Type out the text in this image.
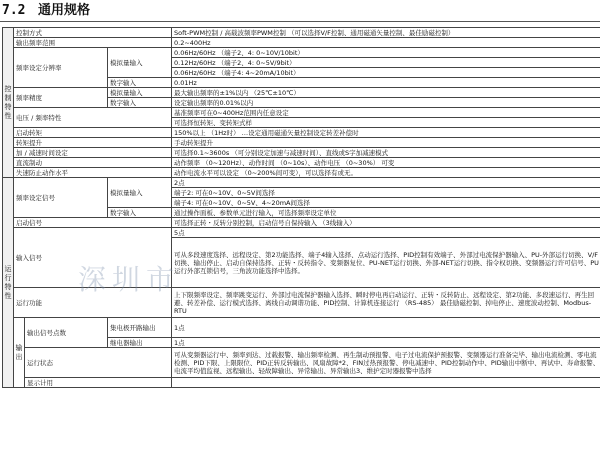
7.2 通用规格
控制特性	控制方式			Soft-PWM控制 / 高载波频率PWM控制 （可以选择V/F控制、通用磁通矢量控制、最佳励磁控制）
	输出频率范围			0.2~400Hz
	频率设定分辨率		模拟量输入	0.06Hz/60Hz （端子2、4: 0~10V/10bit）
				0.12Hz/60Hz （端子2、4: 0~5V/9bit）
				0.06Hz/60Hz （端子4: 4~20mA/10bit）
			数字输入	0.01Hz
	频率精度		模拟量输入	最大输出频率的±1%以内 （25℃±10℃）
			数字输入	设定输出频率的0.01%以内
	电压 / 频率特性			基准频率可在0~400Hz范围内任意设定
				可选择恒转矩、变转矩式样
	启动转矩			150%以上 （1Hz时） …设定通用磁通矢量控制设定转差补偿时
	转矩提升			手动转矩提升
	加 / 减速时间设定			可选择0.1~3600s （可分别设定加速与减速时间）、直线或S字加减速模式
	直流制动			动作频率 （0~120Hz）、动作时间 （0~10s）、动作电压 （0~30%） 可变
	失速防止动作水平			动作电流水平可以设定 （0~200%间可变），可以选择有或无。
运行特性	频率设定信号		模拟量输入	2点
				端子2: 可在0~10V、0~5V间选择
				端子4: 可在0~10V、0~5V、4~20mA间选择
			数字输入	通过操作面板、参数单元进行输入，可选择频率设定单位
	启动信号			可选择正转・反转分别控制，启动信号自保持输入 （3线输入）
	输入信号			5点
				可从多段速度选择、远程设定、第2功能选择、端子4输入选择、点动运行选择、PID控制有效端子、外部过电流保护器输入、PU-外部运行切换、V/F切换、输出停止、启动自保持选择、正转・反转指令、变频器复位、PU-NET运行切换、外部-NET运行切换、指令权切换、变频器运行许可信号、PU运行外部互锁信号，三角波功能选择中选择。

	运行功能			上下限频率设定、频率跳变运行、外部过电流保护器输入选择、瞬时停电再启动运行、正转・反转防止、远程设定、第2功能、多段速运行、再生回避、转差补偿、运行模式选择、离线自动调谐功能、PID控制、计算机连接运行 （RS-485） 最佳励磁控制、掉电停止、速度波动控制、Modbus-RTU

	输出	输出信号点数	集电极开路输出	1点

			继电器输出	1点
		运行状态		可从变频器运行中、频率到达、过载报警、输出频率检测、再生制动预报警、电子过电流保护预报警、变频器运行准备完毕、输出电流检测、零电流检测、PID下限、上限限位、PID正转反转输出、风扇故障*2、FIN过热预报警、停电减速中、PID控制动作中、PID输出中断中、再试中、寿命报警、电流平均值监视、远程输出、轻故障输出、异常输出、异常输出3、维护定时器报警中选择

		显示计用		
深圳市
